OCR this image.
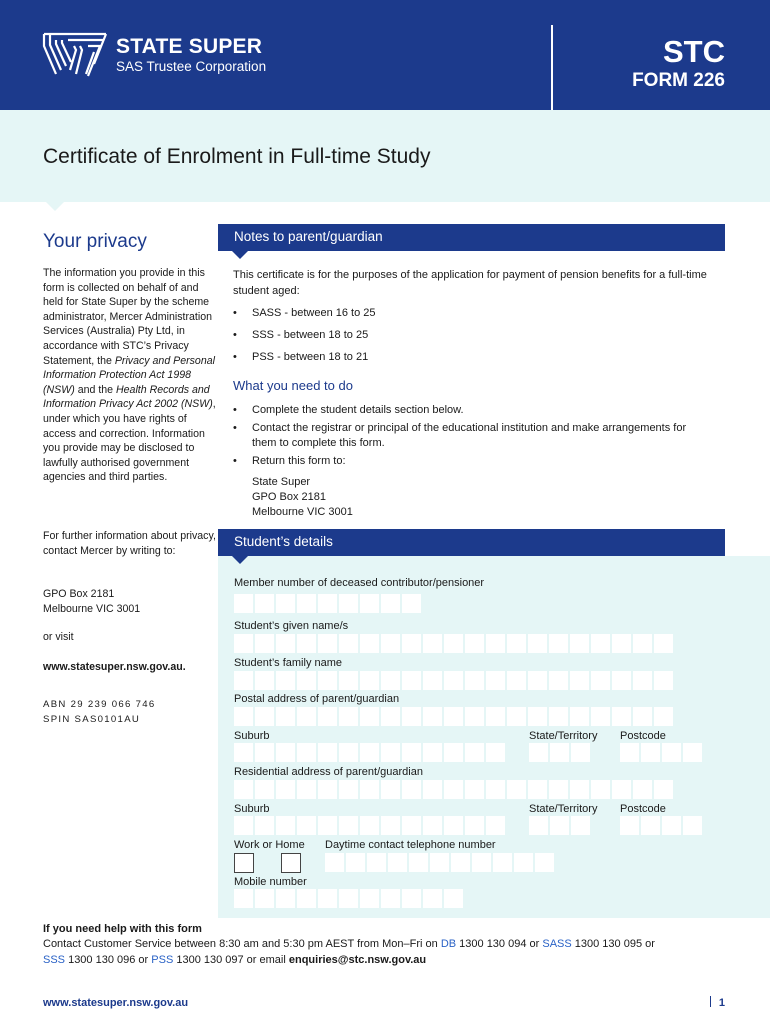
STATE SUPER
SAS Trustee Corporation	STC
FORM 226
Certificate of Enrolment in Full-time Study
Your privacy
The information you provide in this form is collected on behalf of and held for State Super by the scheme administrator, Mercer Administration Services (Australia) Pty Ltd, in accordance with STC’s Privacy Statement, the Privacy and Personal Information Protection Act 1998 (NSW) and the Health Records and Information Privacy Act 2002 (NSW), under which you have rights of access and correction. Information you provide may be disclosed to lawfully authorised government agencies and third parties.
For further information about privacy, contact Mercer by writing to:
GPO Box 2181
Melbourne VIC 3001
or visit
www.statesuper.nsw.gov.au.
ABN 29 239 066 746
SPIN SAS0101AU
Notes to parent/guardian
This certificate is for the purposes of the application for payment of pension benefits for a full-time student aged:
• SASS - between 16 to 25
• SSS - between 18 to 25
• PSS - between 18 to 21
What you need to do
• Complete the student details section below.
• Contact the registrar or principal of the educational institution and make arrangements for them to complete this form.
• Return this form to:
State Super
GPO Box 2181
Melbourne VIC 3001
Student’s details
Member number of deceased contributor/pensioner
Student’s given name/s
Student’s family name
Postal address of parent/guardian
Suburb	State/Territory Postcode
Residential address of parent/guardian
Suburb	State/Territory Postcode
Work or Home Daytime contact telephone number
Mobile number
If you need help with this form
Contact Customer Service between 8:30 am and 5:30 pm AEST from Mon–Fri on DB 1300 130 094 or SASS 1300 130 095 or
SSS 1300 130 096 or PSS 1300 130 097 or email enquiries@stc.nsw.gov.au
www.statesuper.nsw.gov.au	1
